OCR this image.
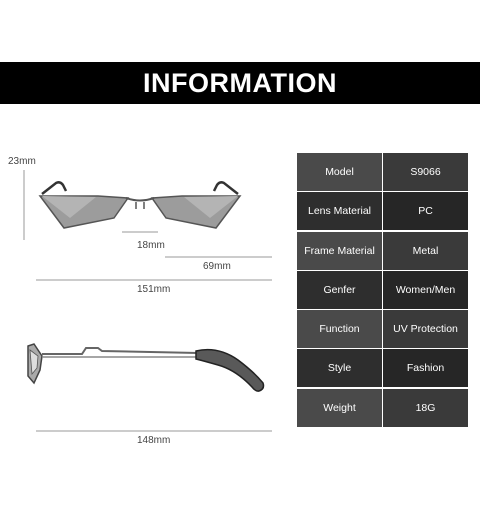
INFORMATION
23mm
18mm
69mm
151mm
148mm
Model	S9066
Lens Material	PC
Frame Material	Metal
Genfer	Women/Men
Function	UV Protection
Style	Fashion
Weight	18G
